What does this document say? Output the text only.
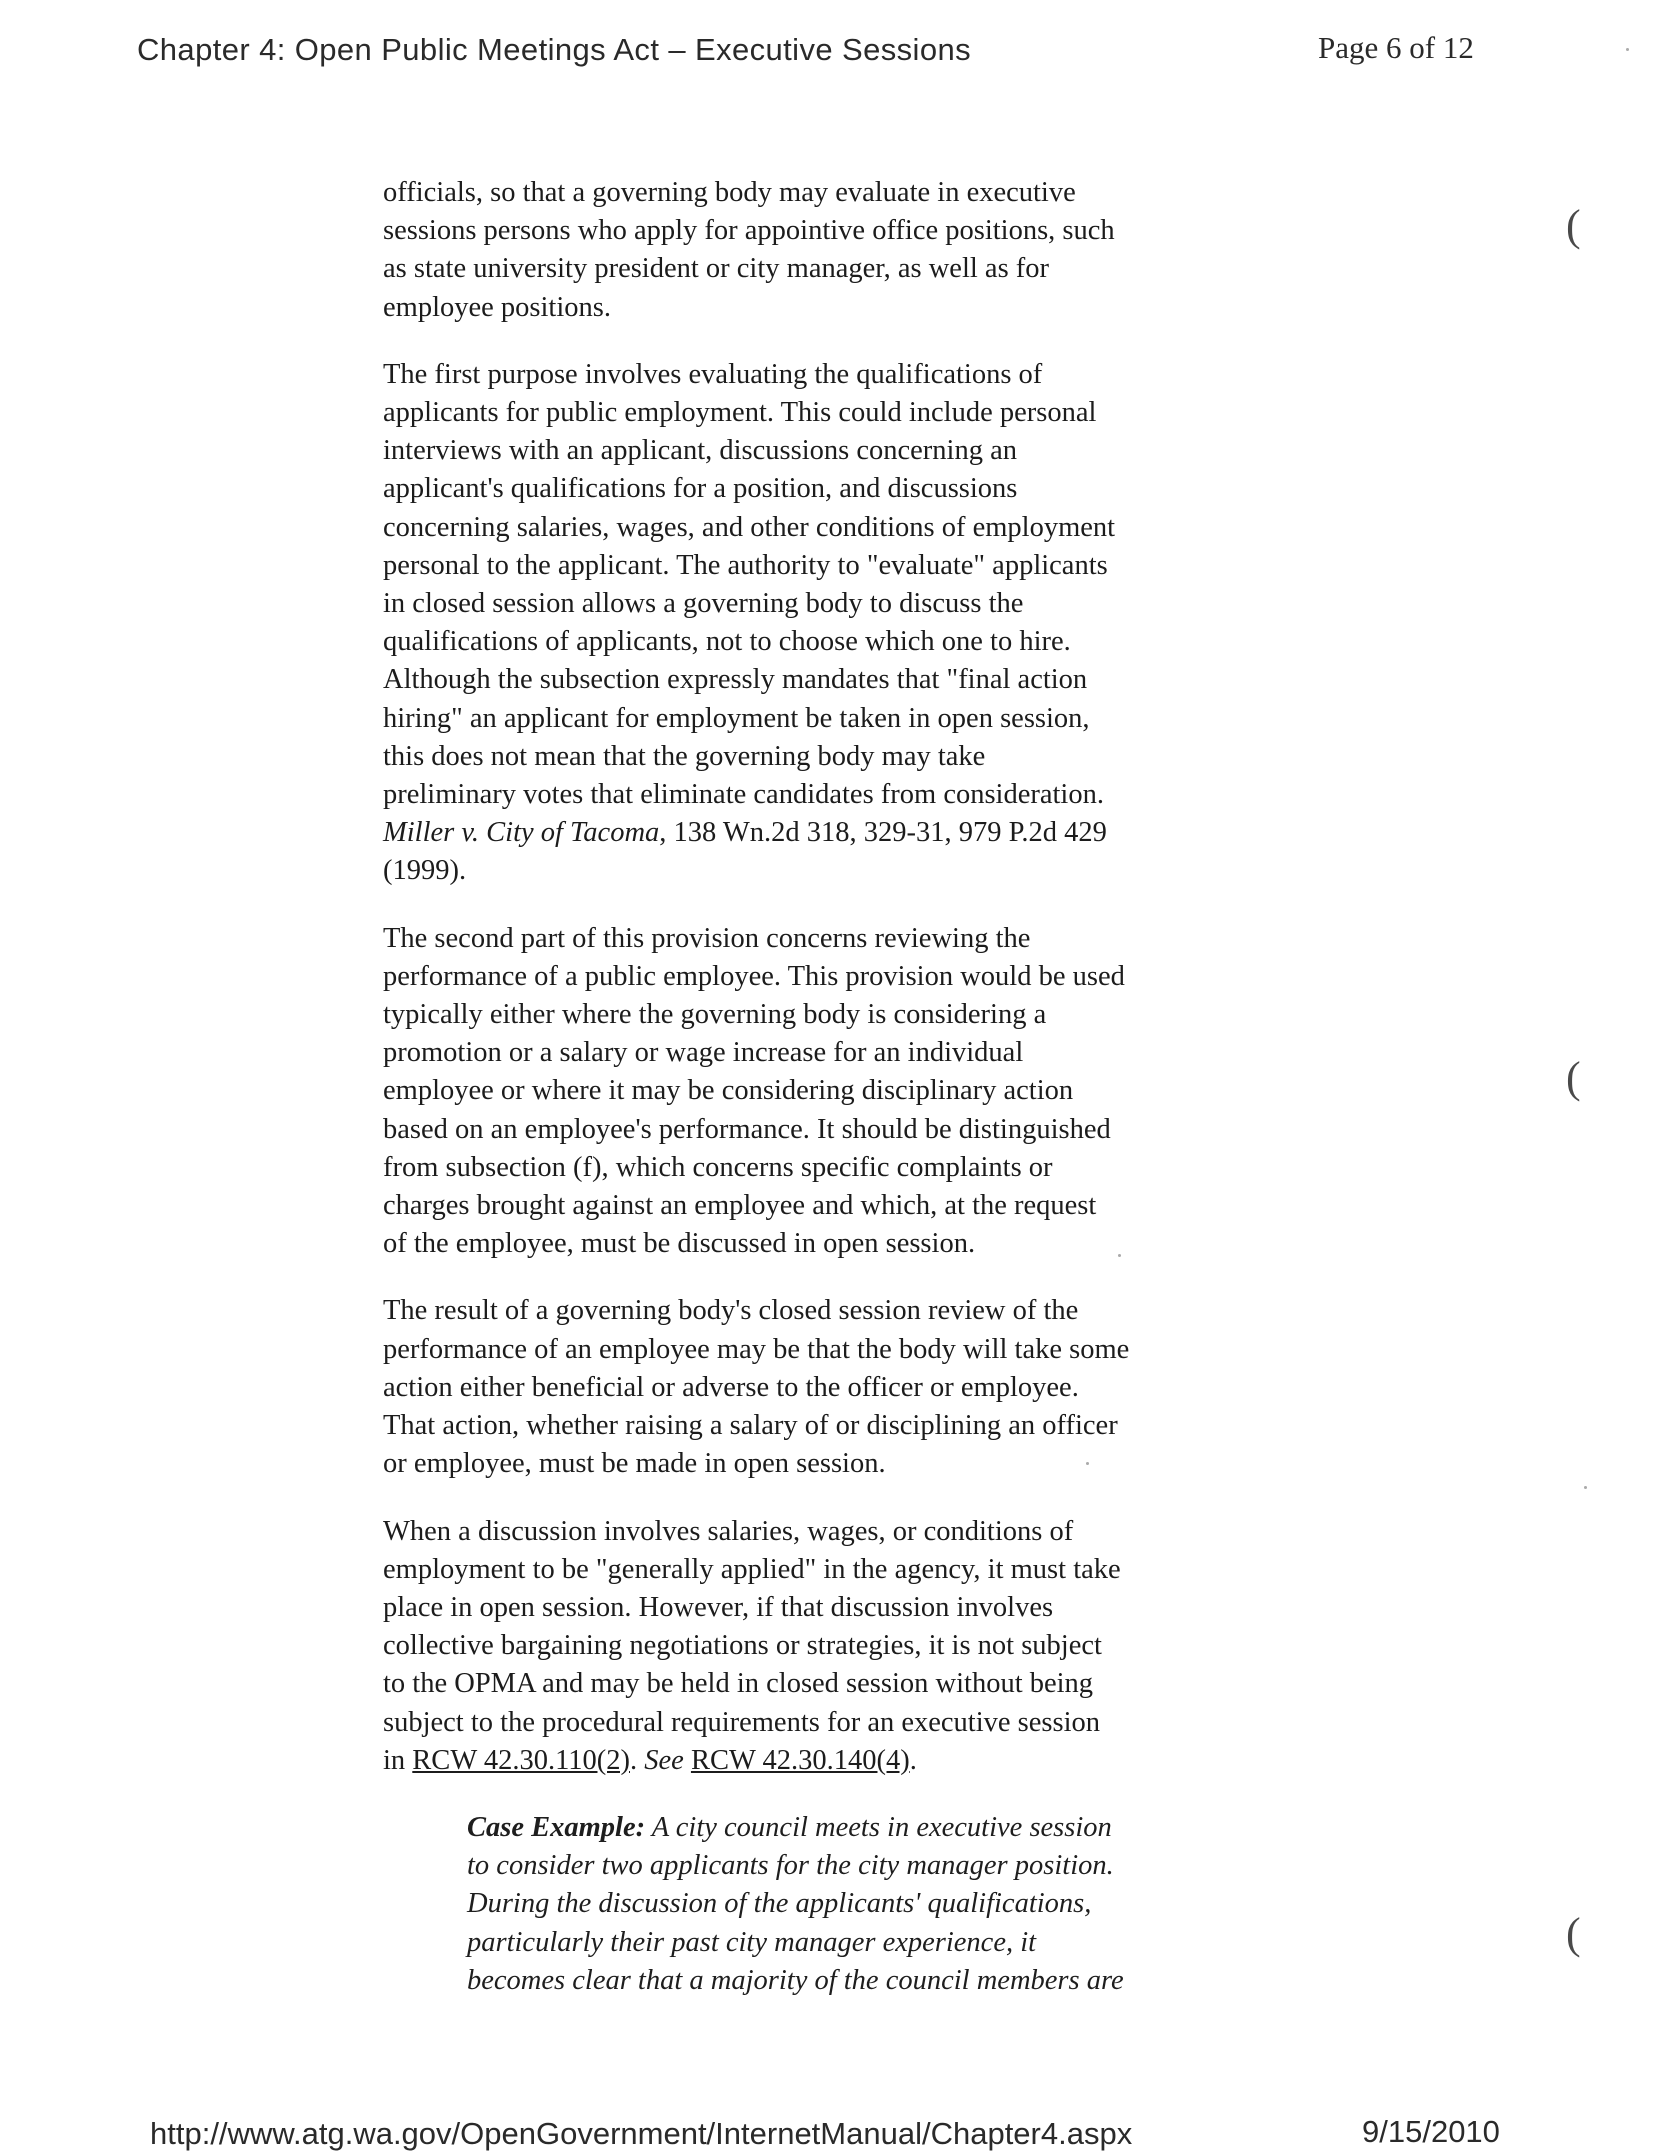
Chapter 4: Open Public Meetings Act – Executive Sessions	Page 6 of 12

officials, so that a governing body may evaluate in executive
sessions persons who apply for appointive office positions, such
as state university president or city manager, as well as for
employee positions.

The first purpose involves evaluating the qualifications of
applicants for public employment. This could include personal
interviews with an applicant, discussions concerning an
applicant's qualifications for a position, and discussions
concerning salaries, wages, and other conditions of employment
personal to the applicant. The authority to "evaluate" applicants
in closed session allows a governing body to discuss the
qualifications of applicants, not to choose which one to hire.
Although the subsection expressly mandates that "final action
hiring" an applicant for employment be taken in open session,
this does not mean that the governing body may take
preliminary votes that eliminate candidates from consideration.
Miller v. City of Tacoma, 138 Wn.2d 318, 329-31, 979 P.2d 429
(1999).

The second part of this provision concerns reviewing the
performance of a public employee. This provision would be used
typically either where the governing body is considering a
promotion or a salary or wage increase for an individual
employee or where it may be considering disciplinary action
based on an employee's performance. It should be distinguished
from subsection (f), which concerns specific complaints or
charges brought against an employee and which, at the request
of the employee, must be discussed in open session.

The result of a governing body's closed session review of the
performance of an employee may be that the body will take some
action either beneficial or adverse to the officer or employee.
That action, whether raising a salary of or disciplining an officer
or employee, must be made in open session.

When a discussion involves salaries, wages, or conditions of
employment to be "generally applied" in the agency, it must take
place in open session. However, if that discussion involves
collective bargaining negotiations or strategies, it is not subject
to the OPMA and may be held in closed session without being
subject to the procedural requirements for an executive session
in RCW 42.30.110(2). See RCW 42.30.140(4).

Case Example: A city council meets in executive session
to consider two applicants for the city manager position.
During the discussion of the applicants' qualifications,
particularly their past city manager experience, it
becomes clear that a majority of the council members are
(
(
(
http://www.atg.wa.gov/OpenGovernment/InternetManual/Chapter4.aspx	9/15/2010
